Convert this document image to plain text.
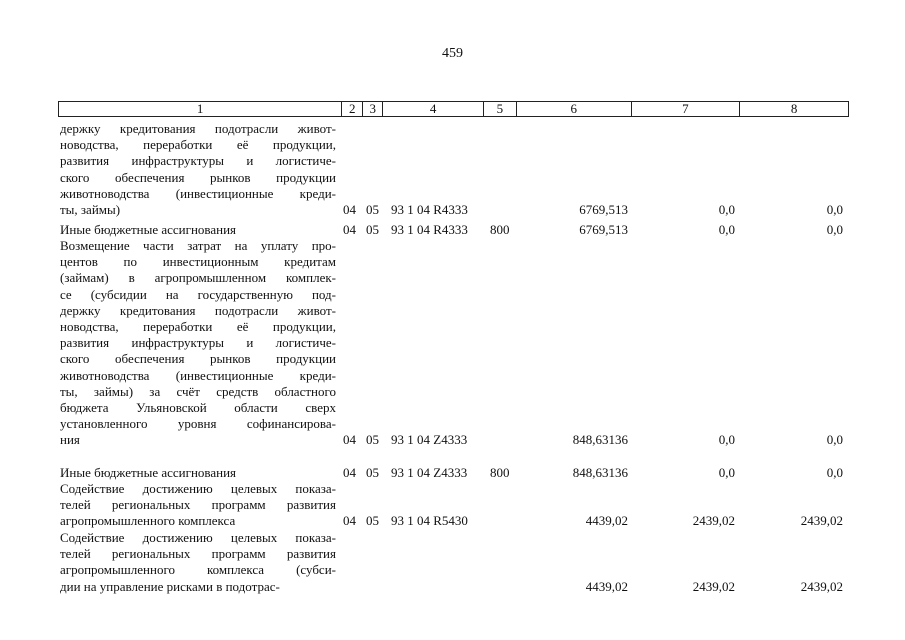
459
1	2	3	4	5	6	7	8
держку кредитования подотрасли живот-
новодства, переработки её продукции,
развития инфраструктуры и логистиче-
ского обеспечения рынков продукции
животноводства (инвестиционные креди-
ты, займы)	04 05 93 1 04 R4333	6769,513	0,0	0,0
Иные бюджетные ассигнования	04 05 93 1 04 R4333 800	6769,513	0,0	0,0
Возмещение части затрат на уплату про-
центов по инвестиционным кредитам
(займам) в агропромышленном комплек-
се (субсидии на государственную под-
держку кредитования подотрасли живот-
новодства, переработки её продукции,
развития инфраструктуры и логистиче-
ского обеспечения рынков продукции
животноводства (инвестиционные креди-
ты, займы) за счёт средств областного
бюджета Ульяновской области сверх
установленного уровня софинансирова-
ния	04 05 93 1 04 Z4333	848,63136	0,0	0,0
Иные бюджетные ассигнования	04 05 93 1 04 Z4333 800	848,63136	0,0	0,0
Содействие достижению целевых показа-
телей региональных программ развития
агропромышленного комплекса	04 05 93 1 04 R5430	4439,02	2439,02	2439,02
Содействие достижению целевых показа-
телей региональных программ развития
агропромышленного комплекса (субси-
дии на управление рисками в подотрас-	4439,02	2439,02	2439,02
